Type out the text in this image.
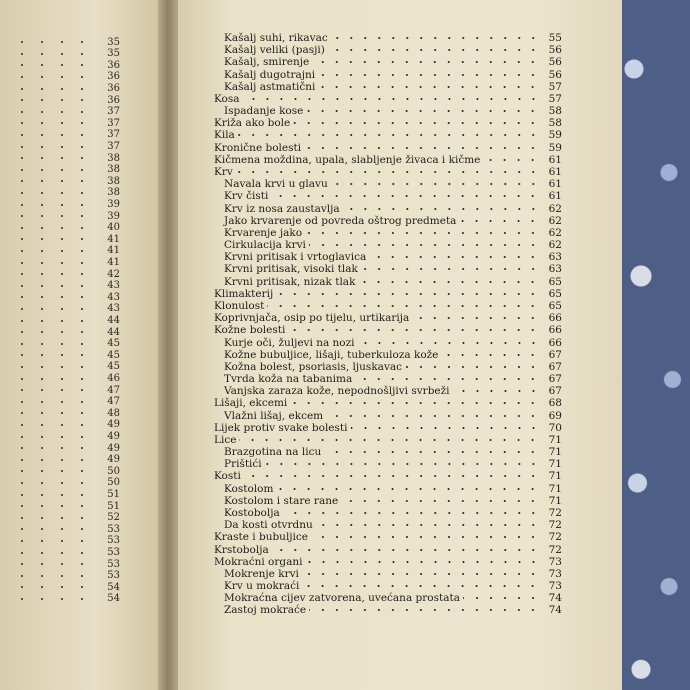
35
35
36
36
36
36
37
37
37
37
38
38
38
38
39
39
40
41
41
41
42
43
43
43
44
44
45
45
45
46
47
47
48
49
49
49
49
50
50
51
51
52
53
53
53
53
53
54
54
Kašalj suhi, rikavac	55
Kašalj veliki (pasji)	56
Kašalj, smirenje	56
Kašalj dugotrajni	56
Kašalj astmatični	57
Kosa	57
Ispadanje kose	58
Križa ako bole	58
Kila	59
Kronične bolesti	59
Kičmena moždina, upala, slabljenje živaca i kičme	61
Krv	61
Navala krvi u glavu	61
Krv čisti	61
Krv iz nosa zaustavlja	62
Jako krvarenje od povreda oštrog predmeta	62
Krvarenje jako	62
Cirkulacija krvi	62
Krvni pritisak i vrtoglavica	63
Krvni pritisak, visoki tlak	63
Krvni pritisak, nizak tlak	65
Klimakterij	65
Klonulost	65
Koprivnjača, osip po tijelu, urtikarija	66
Kožne bolesti	66
Kurje oči, žuljevi na nozi	66
Kožne bubuljice, lišaji, tuberkuloza kože	67
Kožna bolest, psoriasis, ljuskavac	67
Tvrda koža na tabanima	67
Vanjska zaraza kože, nepodnošljivi svrbeži	67
Lišaji, ekcemi	68
Vlažni lišaj, ekcem	69
Lijek protiv svake bolesti	70
Lice	71
Brazgotina na licu	71
Prištići	71
Kosti	71
Kostolom	71
Kostolom i stare rane	71
Kostobolja	72
Da kosti otvrdnu	72
Kraste i bubuljice	72
Krstobolja	72
Mokraćni organi	73
Mokrenje krvi	73
Krv u mokraći	73
Mokraćna cijev zatvorena, uvećana prostata	74
Zastoj mokraće	74
